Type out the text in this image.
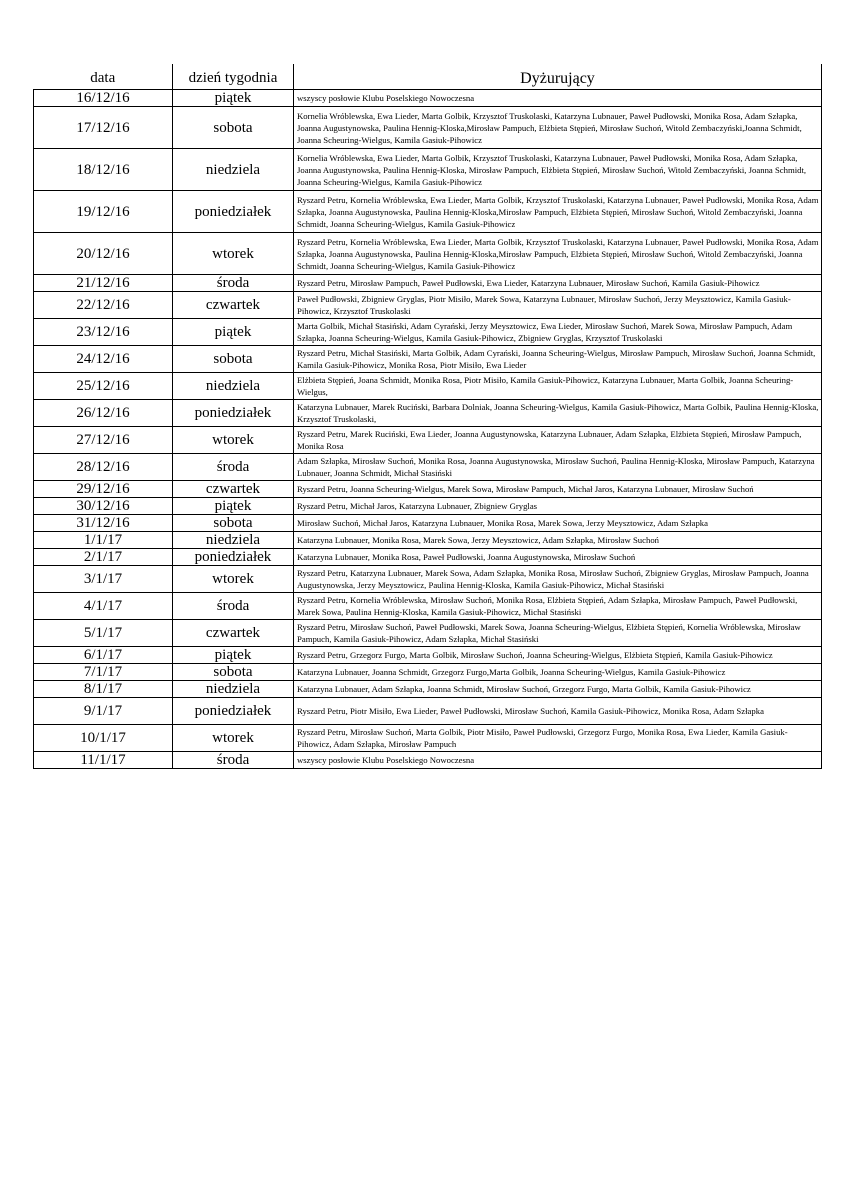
data	dzień tygodnia	Dyżurujący
16/12/16	piątek	wszyscy posłowie Klubu Poselskiego Nowoczesna
17/12/16	sobota	Kornelia Wróblewska, Ewa Lieder, Marta Golbik, Krzysztof Truskolaski, Katarzyna Lubnauer, Paweł Pudłowski, Monika Rosa, Adam Szłapka, Joanna Augustynowska, Paulina Hennig-Kloska,Mirosław Pampuch, Elżbieta Stępień, Mirosław Suchoń, Witold Zembaczyński,Joanna Schmidt, Joanna Scheuring-Wielgus, Kamila Gasiuk-Pihowicz
18/12/16	niedziela	Kornelia Wróblewska, Ewa Lieder, Marta Golbik, Krzysztof Truskolaski, Katarzyna Lubnauer, Paweł Pudłowski, Monika Rosa, Adam Szłapka, Joanna Augustynowska, Paulina Hennig-Kloska, Mirosław Pampuch, Elżbieta Stępień, Mirosław Suchoń, Witold Zembaczyński, Joanna Schmidt, Joanna Scheuring-Wielgus, Kamila Gasiuk-Pihowicz
19/12/16	poniedziałek	Ryszard Petru, Kornelia Wróblewska, Ewa Lieder, Marta Golbik, Krzysztof Truskolaski, Katarzyna Lubnauer, Paweł Pudłowski, Monika Rosa, Adam Szłapka, Joanna Augustynowska, Paulina Hennig-Kloska,Mirosław Pampuch, Elżbieta Stępień, Mirosław Suchoń, Witold Zembaczyński, Joanna Schmidt, Joanna Scheuring-Wielgus, Kamila Gasiuk-Pihowicz
20/12/16	wtorek	Ryszard Petru, Kornelia Wróblewska, Ewa Lieder, Marta Golbik, Krzysztof Truskolaski, Katarzyna Lubnauer, Paweł Pudłowski, Monika Rosa, Adam Szłapka, Joanna Augustynowska, Paulina Hennig-Kloska,Mirosław Pampuch, Elżbieta Stępień, Mirosław Suchoń, Witold Zembaczyński, Joanna Schmidt, Joanna Scheuring-Wielgus, Kamila Gasiuk-Pihowicz
21/12/16	środa	Ryszard Petru, Mirosław Pampuch, Paweł Pudłowski, Ewa Lieder, Katarzyna Lubnauer, Mirosław Suchoń, Kamila Gasiuk-Pihowicz
22/12/16	czwartek	Paweł Pudłowski, Zbigniew Gryglas, Piotr Misiło, Marek Sowa, Katarzyna Lubnauer, Mirosław Suchoń, Jerzy Meysztowicz, Kamila Gasiuk-Pihowicz, Krzysztof Truskolaski
23/12/16	piątek	Marta Golbik, Michał Stasiński, Adam Cyrański, Jerzy Meysztowicz, Ewa Lieder, Mirosław Suchoń, Marek Sowa, Mirosław Pampuch, Adam Szłapka, Joanna Scheuring-Wielgus, Kamila Gasiuk-Pihowicz, Zbigniew Gryglas, Krzysztof Truskolaski
24/12/16	sobota	Ryszard Petru, Michał Stasiński, Marta Golbik, Adam Cyrański, Joanna Scheuring-Wielgus, Mirosław Pampuch, Mirosław Suchoń, Joanna Schmidt, Kamila Gasiuk-Pihowicz, Monika Rosa, Piotr Misiło, Ewa Lieder
25/12/16	niedziela	Elżbieta Stępień, Joana Schmidt, Monika Rosa, Piotr Misiło, Kamila Gasiuk-Pihowicz, Katarzyna Lubnauer, Marta Golbik, Joanna Scheuring-Wielgus,
26/12/16	poniedziałek	Katarzyna Lubnauer, Marek Ruciński, Barbara Dolniak, Joanna Scheuring-Wielgus, Kamila Gasiuk-Pihowicz, Marta Golbik, Paulina Hennig-Kloska, Krzysztof Truskolaski,
27/12/16	wtorek	Ryszard Petru, Marek Ruciński, Ewa Lieder, Joanna Augustynowska, Katarzyna Lubnauer, Adam Szłapka, Elżbieta Stępień, Mirosław Pampuch, Monika Rosa
28/12/16	środa	Adam Szłapka, Mirosław Suchoń, Monika Rosa, Joanna Augustynowska, Mirosław Suchoń, Paulina Hennig-Kloska, Mirosław Pampuch, Katarzyna Lubnauer, Joanna Schmidt, Michał Stasiński
29/12/16	czwartek	Ryszard Petru, Joanna Scheuring-Wielgus, Marek Sowa, Mirosław Pampuch, Michał Jaros, Katarzyna Lubnauer, Mirosław Suchoń
30/12/16	piątek	Ryszard Petru, Michał Jaros, Katarzyna Lubnauer, Zbigniew Gryglas
31/12/16	sobota	Mirosław Suchoń, Michał Jaros, Katarzyna Lubnauer, Monika Rosa, Marek Sowa, Jerzy Meysztowicz, Adam Szłapka
1/1/17	niedziela	Katarzyna Lubnauer, Monika Rosa, Marek Sowa, Jerzy Meysztowicz, Adam Szłapka, Mirosław Suchoń
2/1/17	poniedziałek	Katarzyna Lubnauer, Monika Rosa, Paweł Pudłowski, Joanna Augustynowska, Mirosław Suchoń
3/1/17	wtorek	Ryszard Petru, Katarzyna Lubnauer, Marek Sowa, Adam Szłapka, Monika Rosa, Mirosław Suchoń, Zbigniew Gryglas, Mirosław Pampuch, Joanna Augustynowska, Jerzy Meysztowicz, Paulina Hennig-Kloska, Kamila Gasiuk-Pihowicz, Michał Stasiński
4/1/17	środa	Ryszard Petru, Kornelia Wróblewska, Mirosław Suchoń, Monika Rosa, Elżbieta Stępień, Adam Szłapka, Mirosław Pampuch, Paweł Pudłowski, Marek Sowa, Paulina Hennig-Kloska, Kamila Gasiuk-Pihowicz, Michał Stasiński
5/1/17	czwartek	Ryszard Petru, Mirosław Suchoń, Paweł Pudłowski, Marek Sowa, Joanna Scheuring-Wielgus, Elżbieta Stępień, Kornelia Wróblewska, Mirosław Pampuch, Kamila Gasiuk-Pihowicz, Adam Szłapka, Michał Stasiński
6/1/17	piątek	Ryszard Petru, Grzegorz Furgo, Marta Golbik, Mirosław Suchoń, Joanna Scheuring-Wielgus, Elżbieta Stępień, Kamila Gasiuk-Pihowicz
7/1/17	sobota	Katarzyna Lubnauer, Joanna Schmidt, Grzegorz Furgo,Marta Golbik, Joanna Scheuring-Wielgus, Kamila Gasiuk-Pihowicz
8/1/17	niedziela	Katarzyna Lubnauer, Adam Szłapka, Joanna Schmidt, Mirosław Suchoń, Grzegorz Furgo, Marta Golbik, Kamila Gasiuk-Pihowicz
9/1/17	poniedziałek	Ryszard Petru, Piotr Misiło, Ewa Lieder, Paweł Pudłowski, Mirosław Suchoń, Kamila Gasiuk-Pihowicz, Monika Rosa, Adam Szłapka
10/1/17	wtorek	Ryszard Petru, Mirosław Suchoń, Marta Golbik, Piotr Misiło, Paweł Pudłowski, Grzegorz Furgo, Monika Rosa, Ewa Lieder, Kamila Gasiuk-Pihowicz, Adam Szłapka, Mirosław Pampuch
11/1/17	środa	wszyscy posłowie Klubu Poselskiego Nowoczesna
